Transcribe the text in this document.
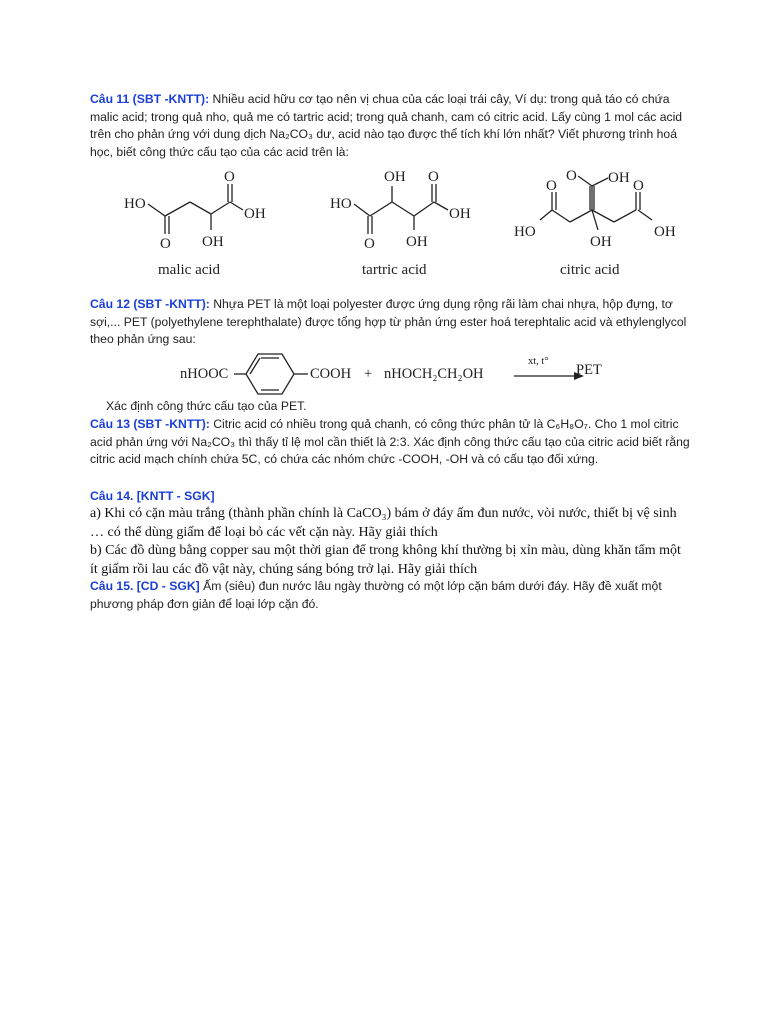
Câu 11 (SBT -KNTT): Nhiều acid hữu cơ tạo nên vị chua của các loại trái cây, Ví dụ: trong quả táo có chứa malic acid; trong quả nho, quả me có tartric acid; trong quả chanh, cam có citric acid. Lấy cùng 1 mol các acid trên cho phản ứng với dung dịch Na₂CO₃ dư, acid nào tạo được thể tích khí lớn nhất? Viết phương trình hoá học, biết công thức cấu tạo của các acid trên là:
HO
O
O
OH
OH
malic acid
OH O
HO
OH
O
OH
tartric acid
O OH
O	O
HO	OH
OH
citric acid
Câu 12 (SBT -KNTT): Nhựa PET là một loại polyester được ứng dụng rộng rãi làm chai nhựa, hộp đựng, tơ sợi,... PET (polyethylene terephthalate) được tổng hợp từ phản ứng ester hoá terephtalic acid và ethylenglycol theo phản ứng sau:
nHOOC	COOH + nHOCH₂CH₂OH
xt, t°
PET
Xác định công thức cấu tạo của PET.
Câu 13 (SBT -KNTT): Citric acid có nhiều trong quả chanh, có công thức phân tử là C₆H₈O₇. Cho 1 mol citric acid phản ứng với Na₂CO₃ thì thấy tỉ lệ mol cần thiết là 2:3. Xác định công thức cấu tạo của citric acid biết rằng citric acid mạch chính chứa 5C, có chứa các nhóm chức -COOH, -OH và có cấu tạo đối xứng.
Câu 14. [KNTT - SGK]
a) Khi có cặn màu trắng (thành phần chính là CaCO₃) bám ở đáy ấm đun nước, vòi nước, thiết bị vệ sinh … có thể dùng giấm để loại bỏ các vết cặn này. Hãy giải thích
b) Các đồ dùng bằng copper sau một thời gian để trong không khí thường bị xỉn màu, dùng khăn tẩm một ít giấm rồi lau các đồ vật này, chúng sáng bóng trở lại. Hãy giải thích
Câu 15. [CD - SGK] Ấm (siêu) đun nước lâu ngày thường có một lớp cặn bám dưới đáy. Hãy đề xuất một phương pháp đơn giản để loại lớp cặn đó.
